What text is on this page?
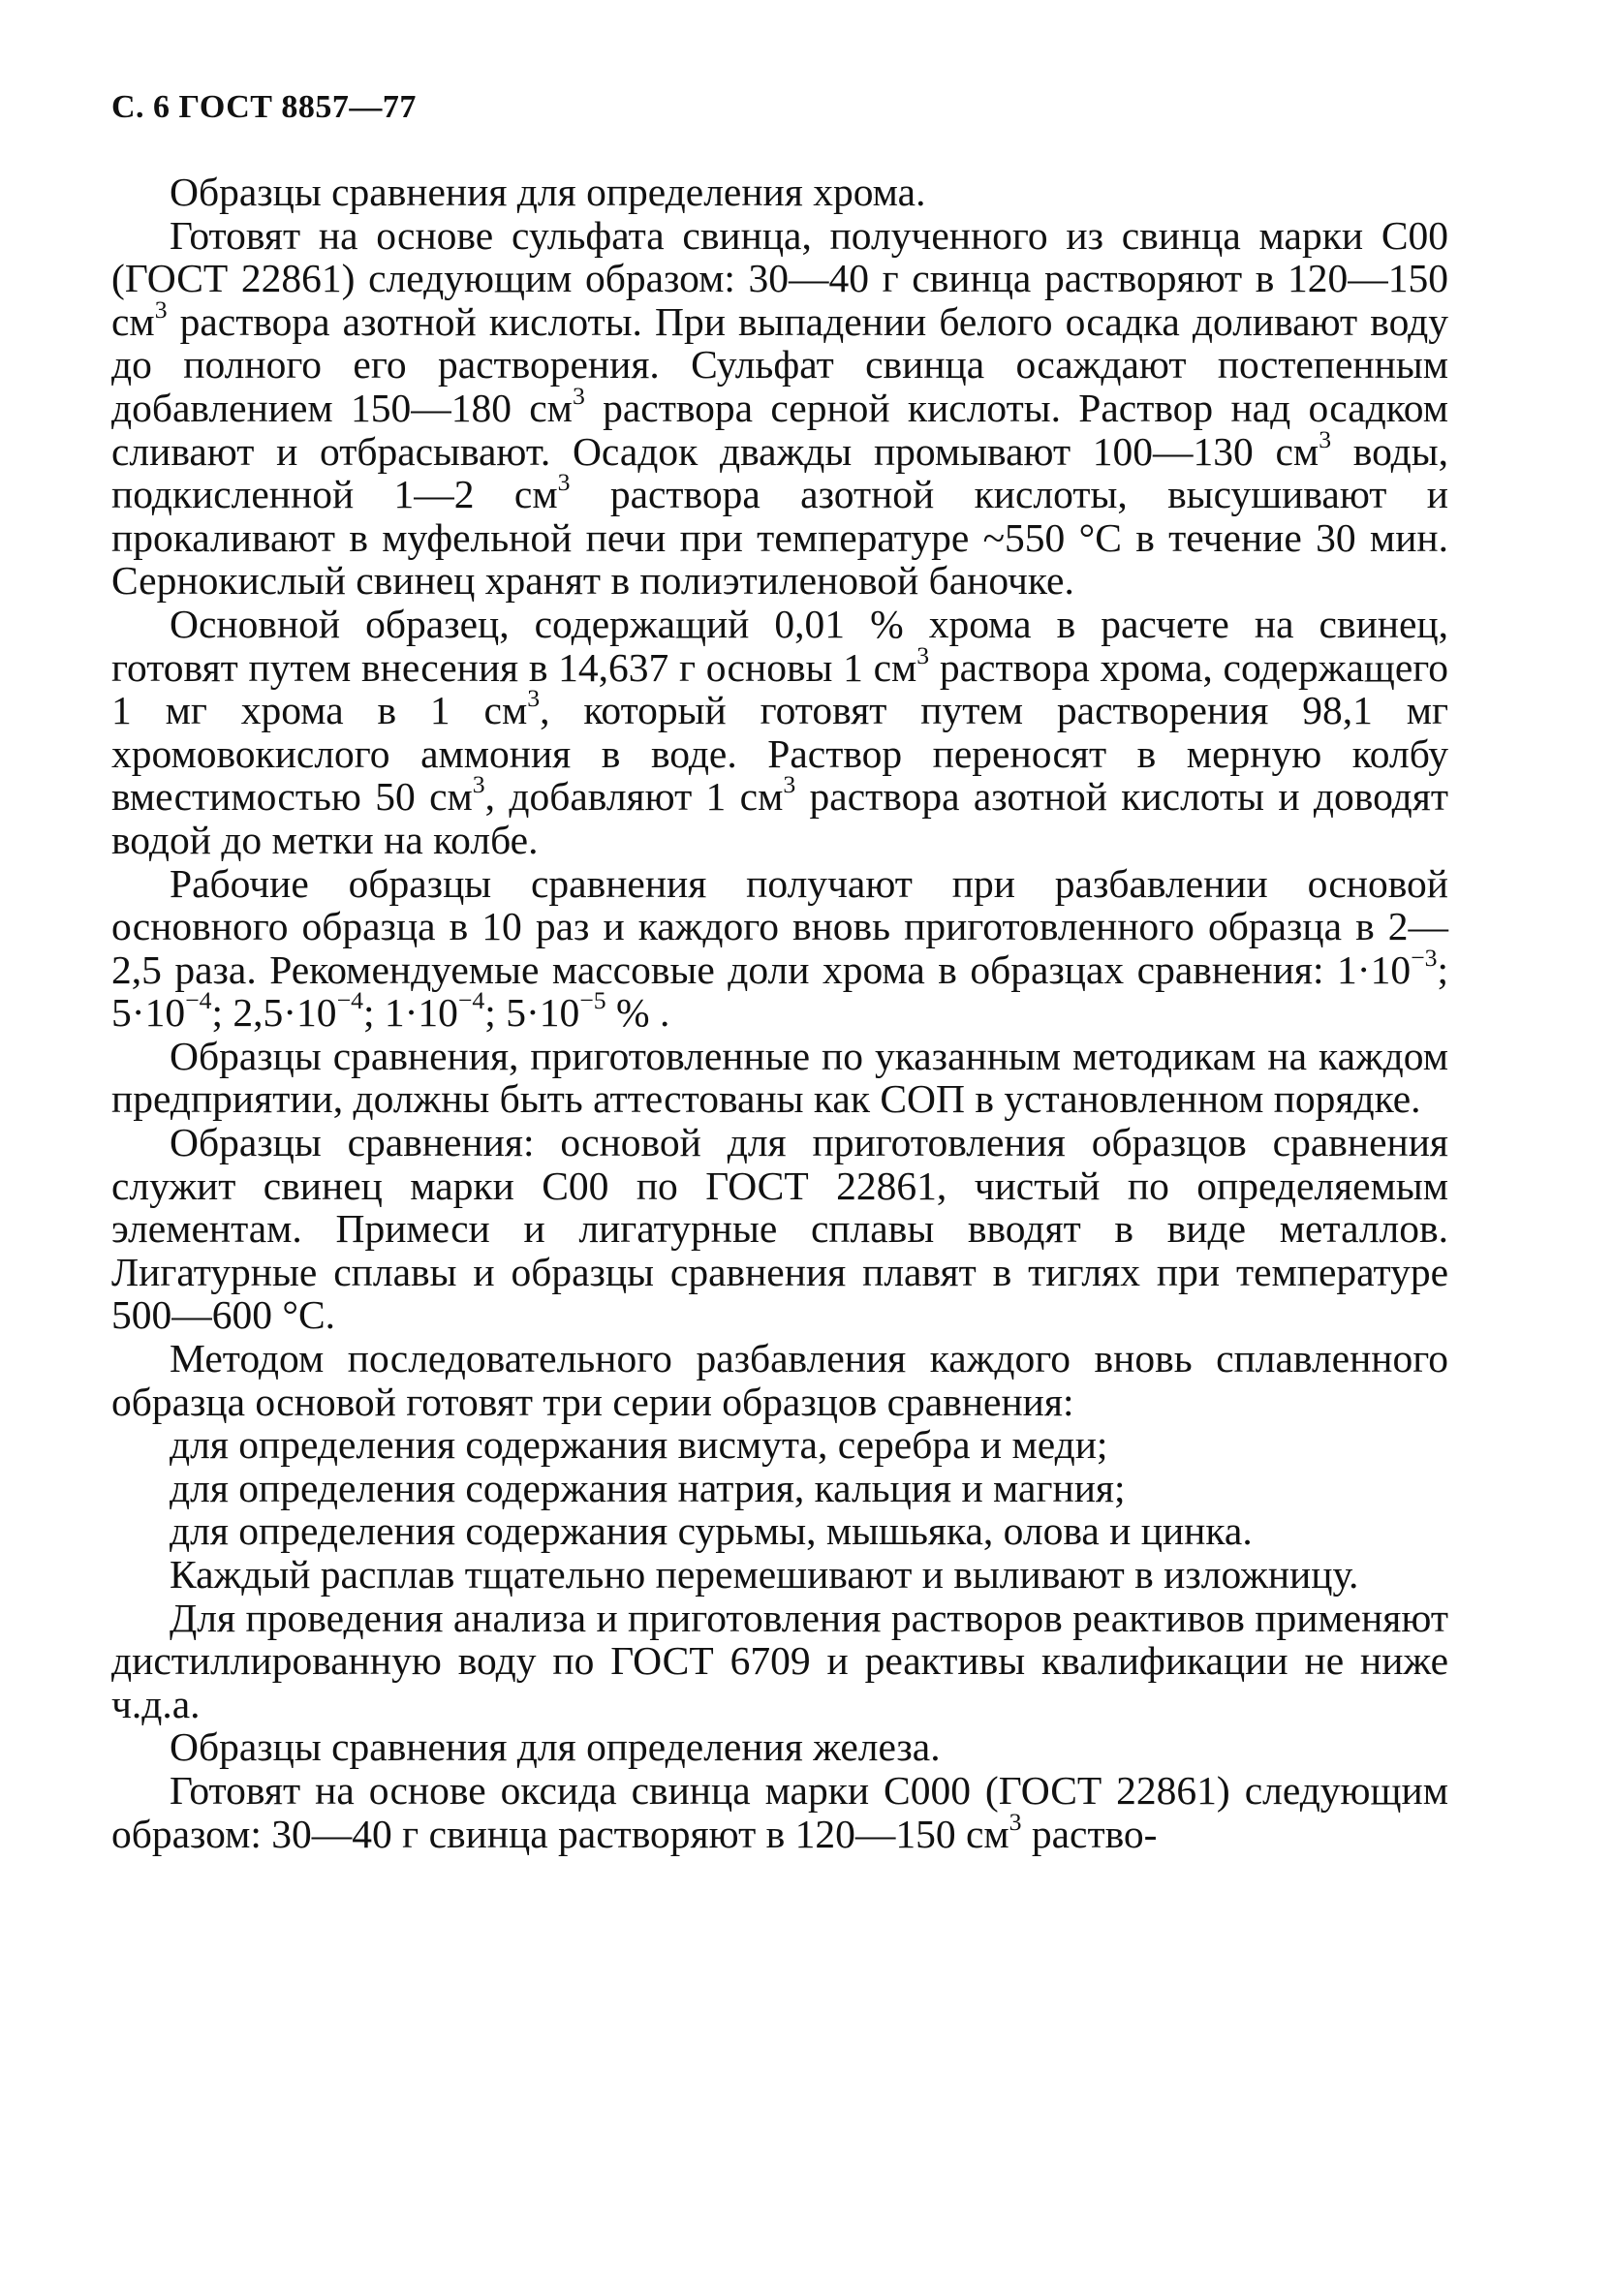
С. 6 ГОСТ 8857—77

Образцы сравнения для определения хрома.

Готовят на основе сульфата свинца, полученного из свинца марки С00 (ГОСТ 22861) следующим образом: 30—40 г свинца растворяют в 120—150 $см^3$ раствора азотной кислоты. При выпадении белого осадка доливают воду до полного его растворения. Сульфат свинца осаждают постепенным добавлением 150—180 $см^3$ раствора серной кислоты. Раствор над осадком сливают и отбрасывают. Осадок дважды промывают 100—130 $см^3$ воды, подкисленной 1—2 $см^3$ раствора азотной кислоты, высушивают и прокаливают в муфельной печи при температуре ~550 °С в течение 30 мин. Сернокислый свинец хранят в полиэтиленовой баночке.

Основной образец, содержащий 0,01 % хрома в расчете на свинец, готовят путем внесения в 14,637 г основы 1 $см^3$ раствора хрома, содержащего 1 мг хрома в 1 $см^3$, который готовят путем растворения 98,1 мг хромовокислого аммония в воде. Раствор переносят в мерную колбу вместимостью 50 $см^3$, добавляют 1 $см^3$ раствора азотной кислоты и доводят водой до метки на колбе.

Рабочие образцы сравнения получают при разбавлении основой основного образца в 10 раз и каждого вновь приготовленного образца в 2—2,5 раза. Рекомендуемые массовые доли хрома в образцах сравнения: $1\cdot 10^{-3}$; $5\cdot 10^{-4}$; $2,5\cdot 10^{-4}$; $1\cdot 10^{-4}$; $5\cdot 10^{-5}$ % .

Образцы сравнения, приготовленные по указанным методикам на каждом предприятии, должны быть аттестованы как СОП в установленном порядке.

Образцы сравнения: основой для приготовления образцов сравнения служит свинец марки С00 по ГОСТ 22861, чистый по определяемым элементам. Примеси и лигатурные сплавы вводят в виде металлов. Лигатурные сплавы и образцы сравнения плавят в тиглях при температуре 500—600 °С.

Методом последовательного разбавления каждого вновь сплавленного образца основой готовят три серии образцов сравнения:

для определения содержания висмута, серебра и меди;

для определения содержания натрия, кальция и магния;

для определения содержания сурьмы, мышьяка, олова и цинка.

Каждый расплав тщательно перемешивают и выливают в изложницу.

Для проведения анализа и приготовления растворов реактивов применяют дистиллированную воду по ГОСТ 6709 и реактивы квалификации не ниже ч.д.а.

Образцы сравнения для определения железа.

Готовят на основе оксида свинца марки С000 (ГОСТ 22861) следующим образом: 30—40 г свинца растворяют в 120—150 $см^3$ раство-
